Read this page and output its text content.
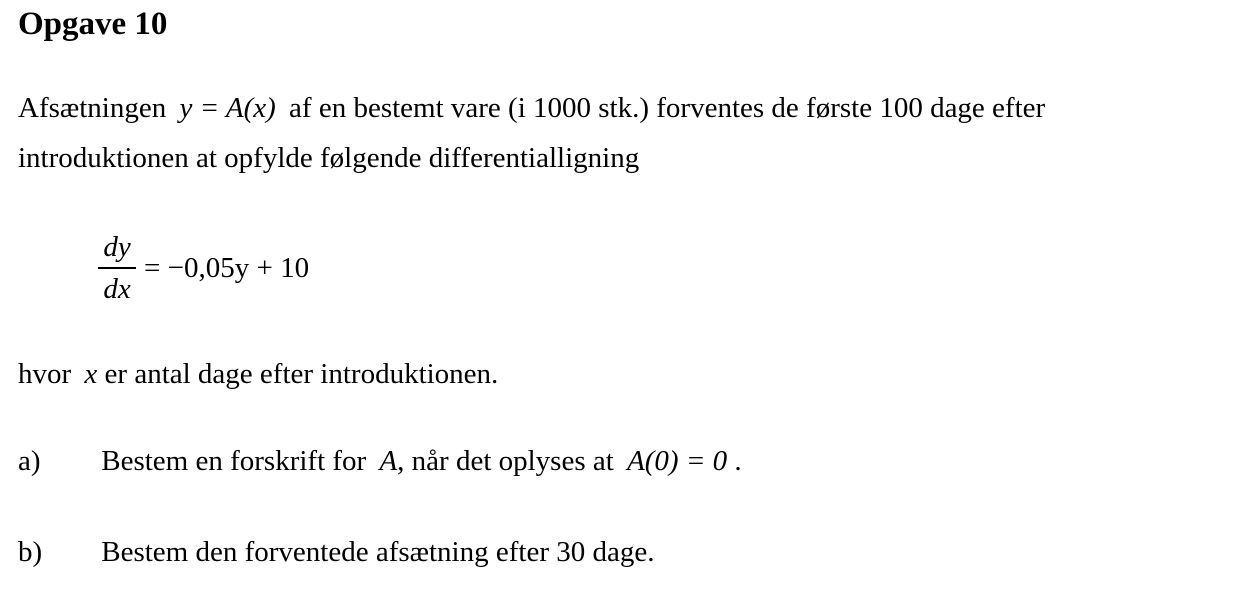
Opgave 10
Afsætningen y = A(x) af en bestemt vare (i 1000 stk.) forventes de første 100 dage efter
introduktionen at opfylde følgende differentialligning
$\frac{dy}{dx} = -0,05y + 10$
hvor x er antal dage efter introduktionen.
a) Bestem en forskrift for A, når det oplyses at A(0) = 0 .
b) Bestem den forventede afsætning efter 30 dage.
